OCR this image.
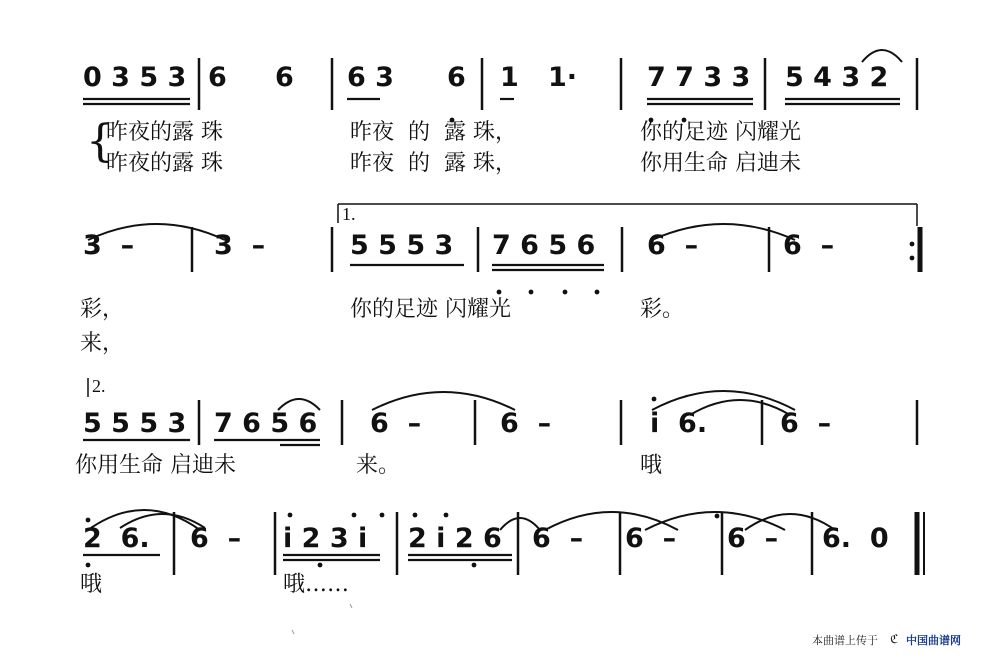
0 3 5 3 6 6 6 3 6 1 1·	7 7 3 3 5 4 3 2
3  –	3  –	5 5 5 3 7 6 5 6 6  –	6  –
5 5 5 3 7 6 5 6 6  –	6  –	i  6.	6  –
2  6. 6  – i 2 3 i 2 i 2 6 6  – 6  – 6  – 6.  0
昨夜的露 珠	昨夜  的  露 珠，	你的足迹 闪耀光
昨夜的露 珠	昨夜  的  露 珠，	你用生命 启迪未
彩，
来，
你的足迹 闪耀光	彩。
你用生命 启迪未	来。	哦
哦	哦……
{
1.
2.
本曲谱上传于 ℭ 中国曲谱网
